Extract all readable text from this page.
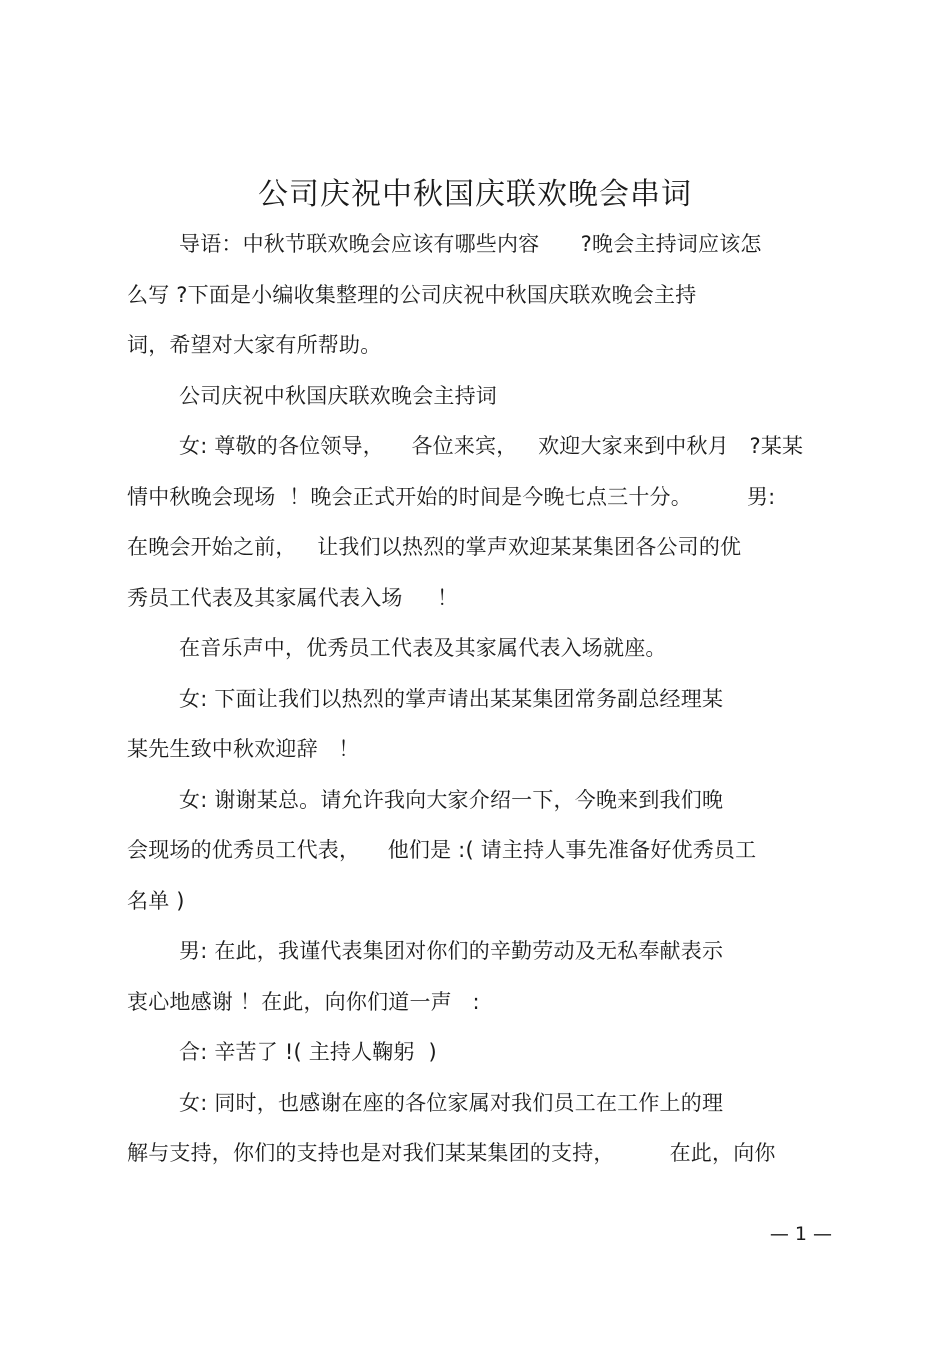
公司庆祝中秋国庆联欢晚会串词
导语：中秋节联欢晚会应该有哪些内容      ?晚会主持词应该怎
么写 ?下面是小编收集整理的公司庆祝中秋国庆联欢晚会主持
词，希望对大家有所帮助。
公司庆祝中秋国庆联欢晚会主持词
女: 尊敬的各位领导，    各位来宾，   欢迎大家来到中秋月   ?某某
情中秋晚会现场  ！晚会正式开始的时间是今晚七点三十分。        男:
在晚会开始之前，   让我们以热烈的掌声欢迎某某集团各公司的优
秀员工代表及其家属代表入场     ！
在音乐声中，优秀员工代表及其家属代表入场就座。
女: 下面让我们以热烈的掌声请出某某集团常务副总经理某
某先生致中秋欢迎辞   ！
女: 谢谢某总。请允许我向大家介绍一下，今晚来到我们晚
会现场的优秀员工代表，    他们是 :( 请主持人事先准备好优秀员工
名单 )
男: 在此，我谨代表集团对你们的辛勤劳动及无私奉献表示
衷心地感谢 ！在此，向你们道一声   :
合: 辛苦了 !( 主持人鞠躬  )
女: 同时，也感谢在座的各位家属对我们员工在工作上的理
解与支持，你们的支持也是对我们某某集团的支持，        在此，向你
— 1 —
